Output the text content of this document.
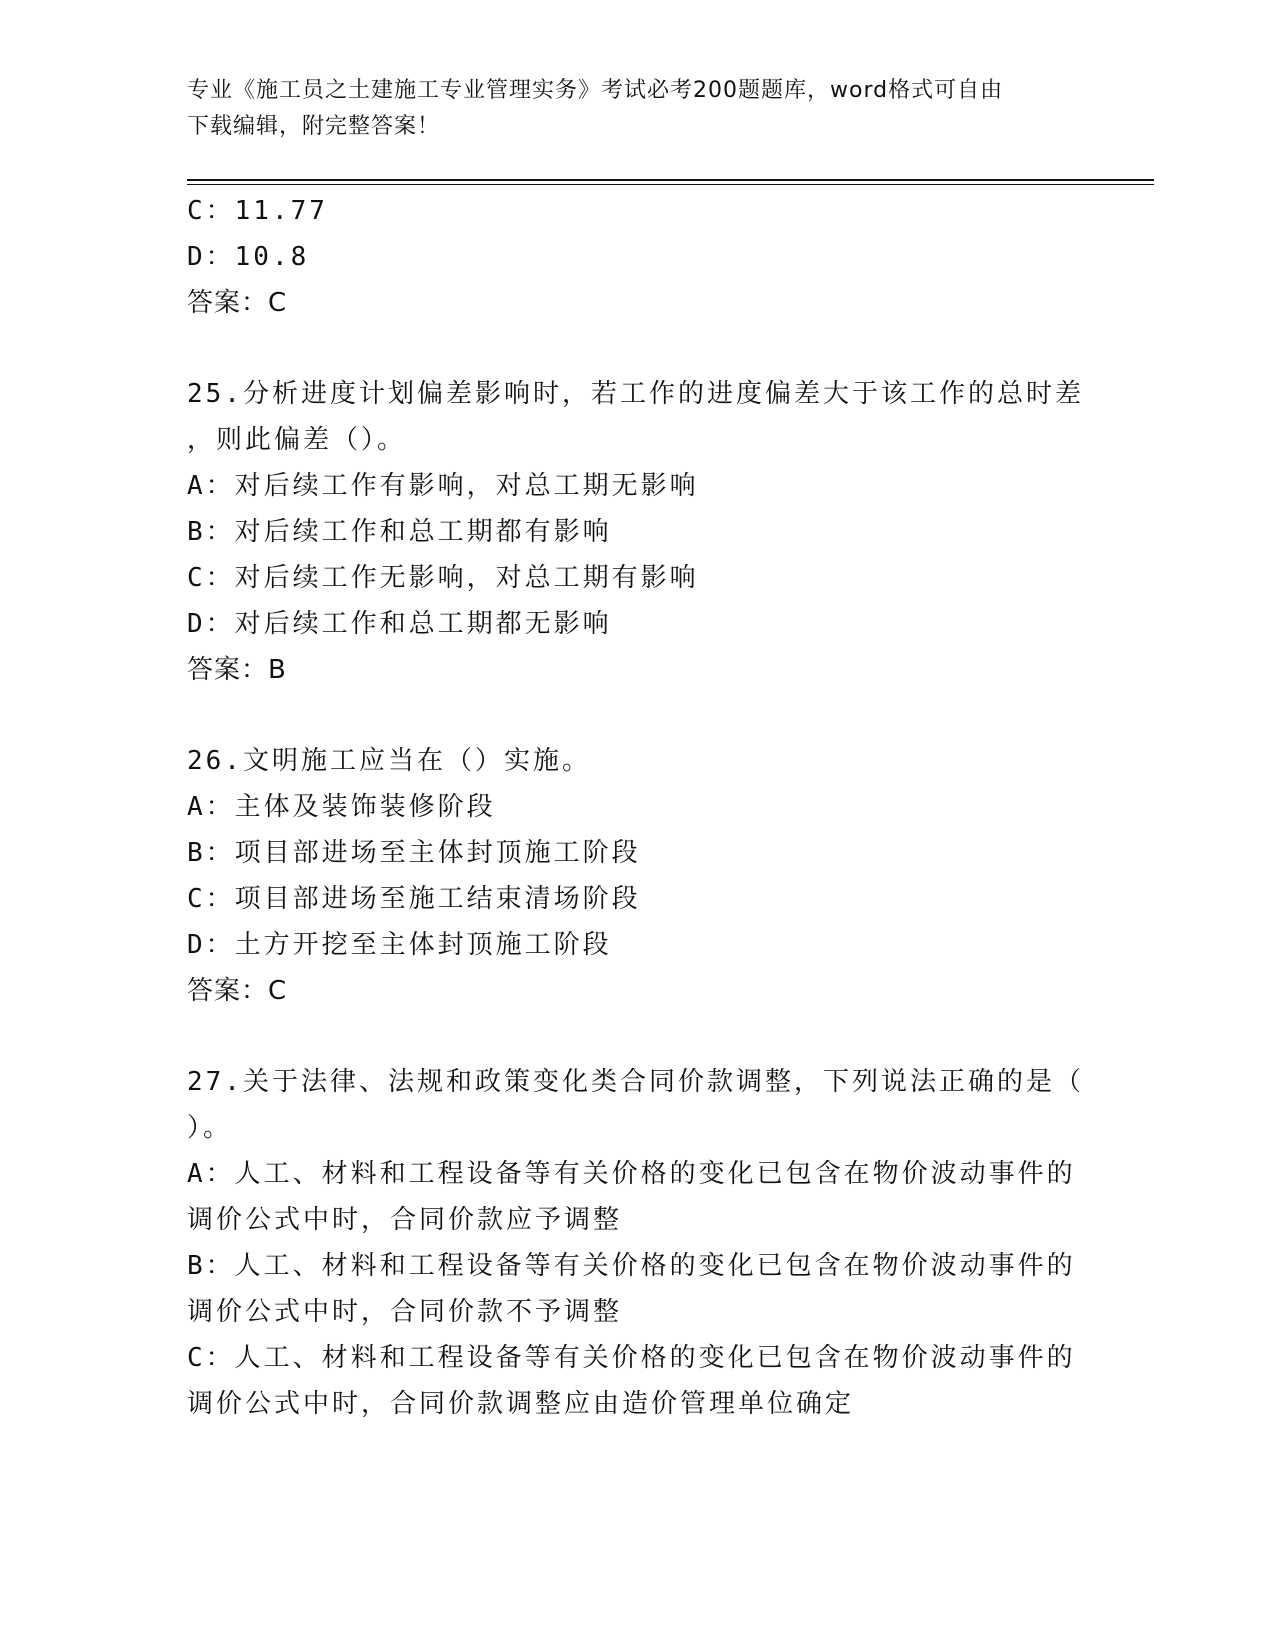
专业《施工员之土建施工专业管理实务》考试必考200题题库，word格式可自由
下载编辑，附完整答案！
C：11.77
D：10.8
答案：C
25.分析进度计划偏差影响时，若工作的进度偏差大于该工作的总时差
，则此偏差（）。
A：对后续工作有影响，对总工期无影响
B：对后续工作和总工期都有影响
C：对后续工作无影响，对总工期有影响
D：对后续工作和总工期都无影响
答案：B
26.文明施工应当在（）实施。
A：主体及装饰装修阶段
B：项目部进场至主体封顶施工阶段
C：项目部进场至施工结束清场阶段
D：土方开挖至主体封顶施工阶段
答案：C
27.关于法律、法规和政策变化类合同价款调整，下列说法正确的是（
）。
A：人工、材料和工程设备等有关价格的变化已包含在物价波动事件的
调价公式中时，合同价款应予调整
B：人工、材料和工程设备等有关价格的变化已包含在物价波动事件的
调价公式中时，合同价款不予调整
C：人工、材料和工程设备等有关价格的变化已包含在物价波动事件的
调价公式中时，合同价款调整应由造价管理单位确定
